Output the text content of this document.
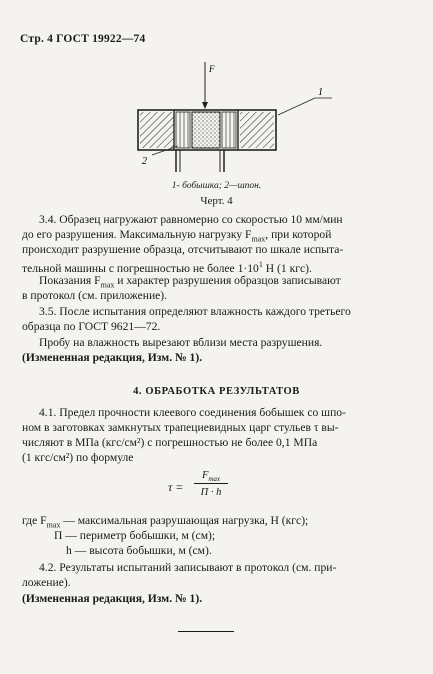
Стр. 4 ГОСТ 19922—74
F
1
2
1- бобышка; 2—шпон.
Черт. 4
3.4. Образец нагружают равномерно со скоростью 10 мм/мин
до его разрушения. Максимальную нагрузку $F_{max}$, при которой
происходит разрушение образца, отсчитывают по шкале испыта-
тельной машины с погрешностью не более $1\cdot 10^1$ Н (1 кгс).
Показания $F_{max}$ и характер разрушения образцов записывают
в протокол (см. приложение).
3.5. После испытания определяют влажность каждого третьего
образца по ГОСТ 9621—72.
Пробу на влажность вырезают вблизи места разрушения.
(Измененная редакция, Изм. № 1).
4. ОБРАБОТКА РЕЗУЛЬТАТОВ
4.1. Предел прочности клеевого соединения бобышек со шпо-
ном в заготовках замкнутых трапециевидных царг стульев τ вы-
числяют в МПа (кгс/см²) с погрешностью не более 0,1 МПа
(1 кгс/см²) по формуле
τ =
$F_{max}$
Π · h
где $F_{max}$ — максимальная разрушающая нагрузка, Н (кгс);
Π — периметр бобышки, м (см);
h — высота бобышки, м (см).
4.2. Результаты испытаний записывают в протокол (см. при-
ложение).
(Измененная редакция, Изм. № 1).
